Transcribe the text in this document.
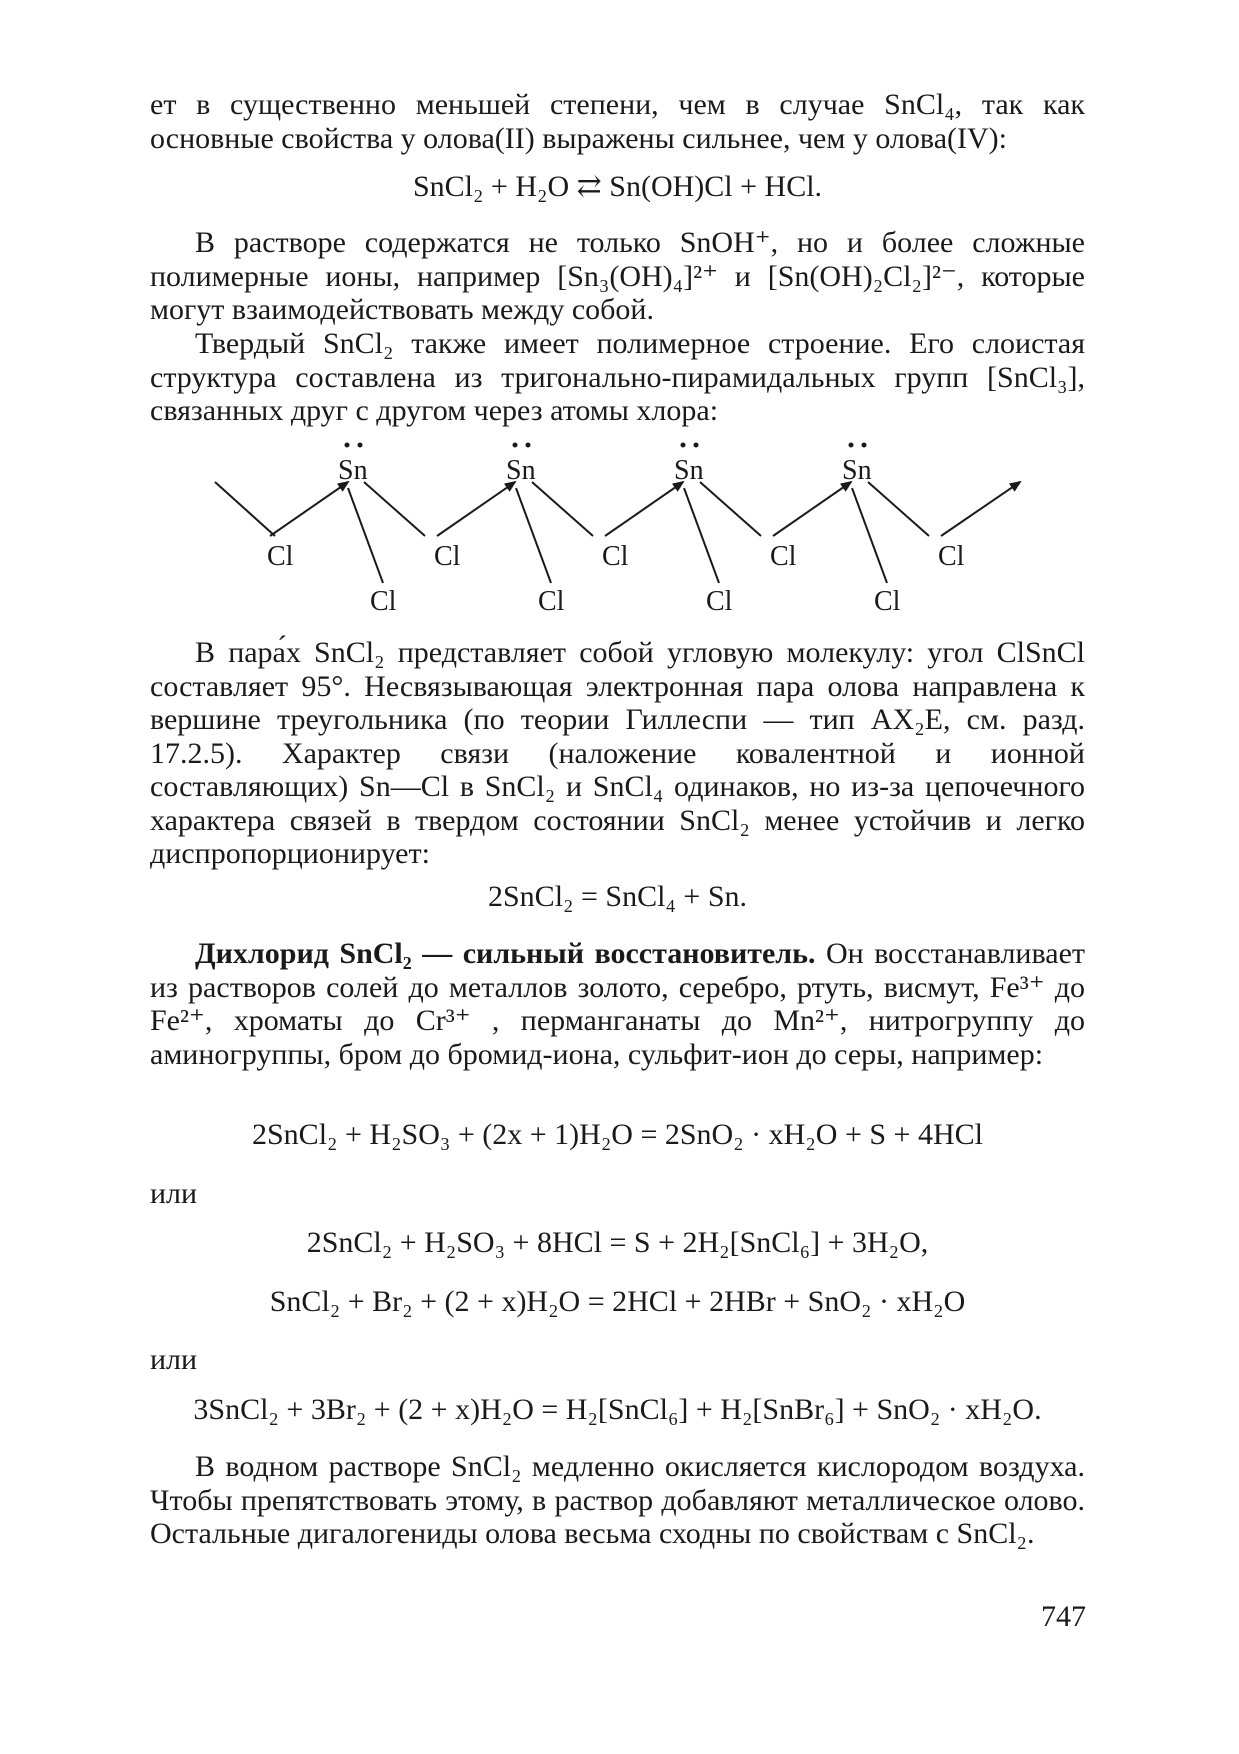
ет в существенно меньшей степени, чем в случае SnCl₄, так как основные свойства у олова(II) выражены сильнее, чем у олова(IV):

SnCl₂ + H₂O ⇄ Sn(OH)Cl + HCl.

В растворе содержатся не только SnOH⁺, но и более сложные полимерные ионы, например [Sn₃(OH)₄]²⁺ и [Sn(OH)₂Cl₂]²⁻, которые могут взаимодействовать между собой.

Твердый SnCl₂ также имеет полимерное строение. Его слоистая структура составлена из тригонально-пирамидальных групп [SnCl₃], связанных друг с другом через атомы хлора:

Sn	Sn	Sn	Sn
Cl	Cl	Cl	Cl	Cl
Cl	Cl	Cl	Cl

В пара́х SnCl₂ представляет собой угловую молекулу: угол ClSnCl составляет 95°. Несвязывающая электронная пара олова направлена к вершине треугольника (по теории Гиллеспи — тип AX₂E, см. разд. 17.2.5). Характер связи (наложение ковалентной и ионной составляющих) Sn—Cl в SnCl₂ и SnCl₄ одинаков, но из-за цепочечного характера связей в твердом состоянии SnCl₂ менее устойчив и легко диспропорционирует:

2SnCl₂ = SnCl₄ + Sn.

Дихлорид SnCl₂ — сильный восстановитель. Он восстанавливает из растворов солей до металлов золото, серебро, ртуть, висмут, Fe³⁺ до Fe²⁺, хроматы до Cr³⁺ , перманганаты до Mn²⁺, нитрогруппу до аминогруппы, бром до бромид-иона, сульфит-ион до серы, например:

2SnCl₂ + H₂SO₃ + (2x + 1)H₂O = 2SnO₂ · xH₂O + S + 4HCl

или

2SnCl₂ + H₂SO₃ + 8HCl = S + 2H₂[SnCl₆] + 3H₂O,

SnCl₂ + Br₂ + (2 + x)H₂O = 2HCl + 2HBr + SnO₂ · xH₂O

или

3SnCl₂ + 3Br₂ + (2 + x)H₂O = H₂[SnCl₆] + H₂[SnBr₆] + SnO₂ · xH₂O.

В водном растворе SnCl₂ медленно окисляется кислородом воздуха. Чтобы препятствовать этому, в раствор добавляют металлическое олово. Остальные дигалогениды олова весьма сходны по свойствам с SnCl₂.

747
